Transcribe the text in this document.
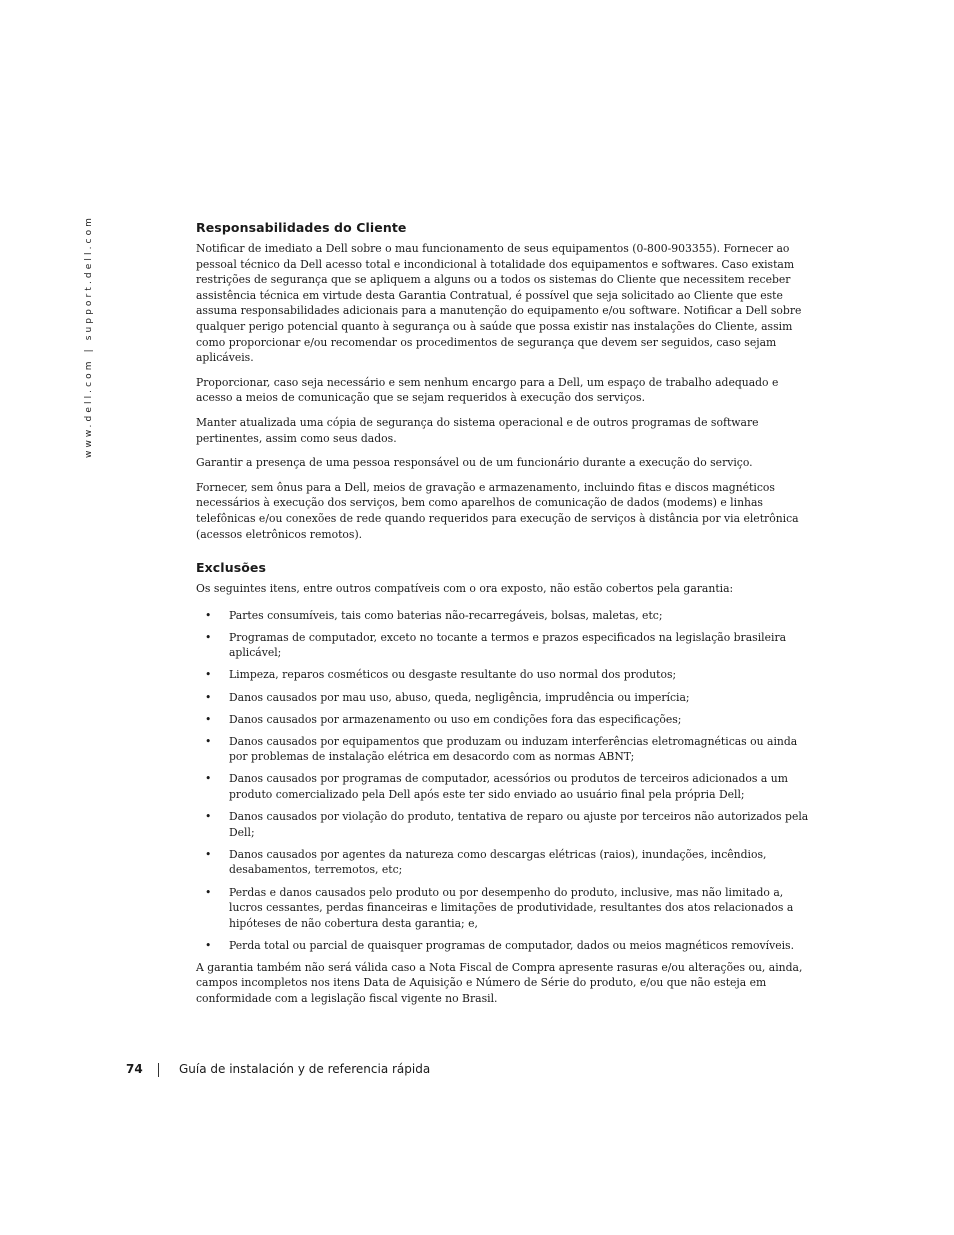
www.dell.com | support.dell.com	Responsabilidades do Cliente

Notificar de imediato a Dell sobre o mau funcionamento de seus equipamentos (0-800-903355). Fornecer ao pessoal técnico da Dell acesso total e incondicional à totalidade dos equipamentos e softwares. Caso existam restrições de segurança que se apliquem a alguns ou a todos os sistemas do Cliente que necessitem receber assistência técnica em virtude desta Garantia Contratual, é possível que seja solicitado ao Cliente que este assuma responsabilidades adicionais para a manutenção do equipamento e/ou software. Notificar a Dell sobre qualquer perigo potencial quanto à segurança ou à saúde que possa existir nas instalações do Cliente, assim como proporcionar e/ou recomendar os procedimentos de segurança que devem ser seguidos, caso sejam aplicáveis.

Proporcionar, caso seja necessário e sem nenhum encargo para a Dell, um espaço de trabalho adequado e acesso a meios de comunicação que se sejam requeridos à execução dos serviços.

Manter atualizada uma cópia de segurança do sistema operacional e de outros programas de software pertinentes, assim como seus dados.

Garantir a presença de uma pessoa responsável ou de um funcionário durante a execução do serviço.

Fornecer, sem ônus para a Dell, meios de gravação e armazenamento, incluindo fitas e discos magnéticos necessários à execução dos serviços, bem como aparelhos de comunicação de dados (modems) e linhas telefônicas e/ou conexões de rede quando requeridos para execução de serviços à distância por via eletrônica (acessos eletrônicos remotos).

Exclusões

Os seguintes itens, entre outros compatíveis com o ora exposto, não estão cobertos pela garantia:

• Partes consumíveis, tais como baterias não-recarregáveis, bolsas, maletas, etc;
• Programas de computador, exceto no tocante a termos e prazos especificados na legislação brasileira aplicável;
• Limpeza, reparos cosméticos ou desgaste resultante do uso normal dos produtos;
• Danos causados por mau uso, abuso, queda, negligência, imprudência ou imperícia;
• Danos causados por armazenamento ou uso em condições fora das especificações;
• Danos causados por equipamentos que produzam ou induzam interferências eletromagnéticas ou ainda por problemas de instalação elétrica em desacordo com as normas ABNT;
• Danos causados por programas de computador, acessórios ou produtos de terceiros adicionados a um produto comercializado pela Dell após este ter sido enviado ao usuário final pela própria Dell;
• Danos causados por violação do produto, tentativa de reparo ou ajuste por terceiros não autorizados pela Dell;
• Danos causados por agentes da natureza como descargas elétricas (raios), inundações, incêndios, desabamentos, terremotos, etc;
• Perdas e danos causados pelo produto ou por desempenho do produto, inclusive, mas não limitado a, lucros cessantes, perdas financeiras e limitações de produtividade, resultantes dos atos relacionados a hipóteses de não cobertura desta garantia; e,
• Perda total ou parcial de quaisquer programas de computador, dados ou meios magnéticos removíveis.

A garantia também não será válida caso a Nota Fiscal de Compra apresente rasuras e/ou alterações ou, ainda, campos incompletos nos itens Data de Aquisição e Número de Série do produto, e/ou que não esteja em conformidade com a legislação fiscal vigente no Brasil.

74	Guía de instalación y de referencia rápida
